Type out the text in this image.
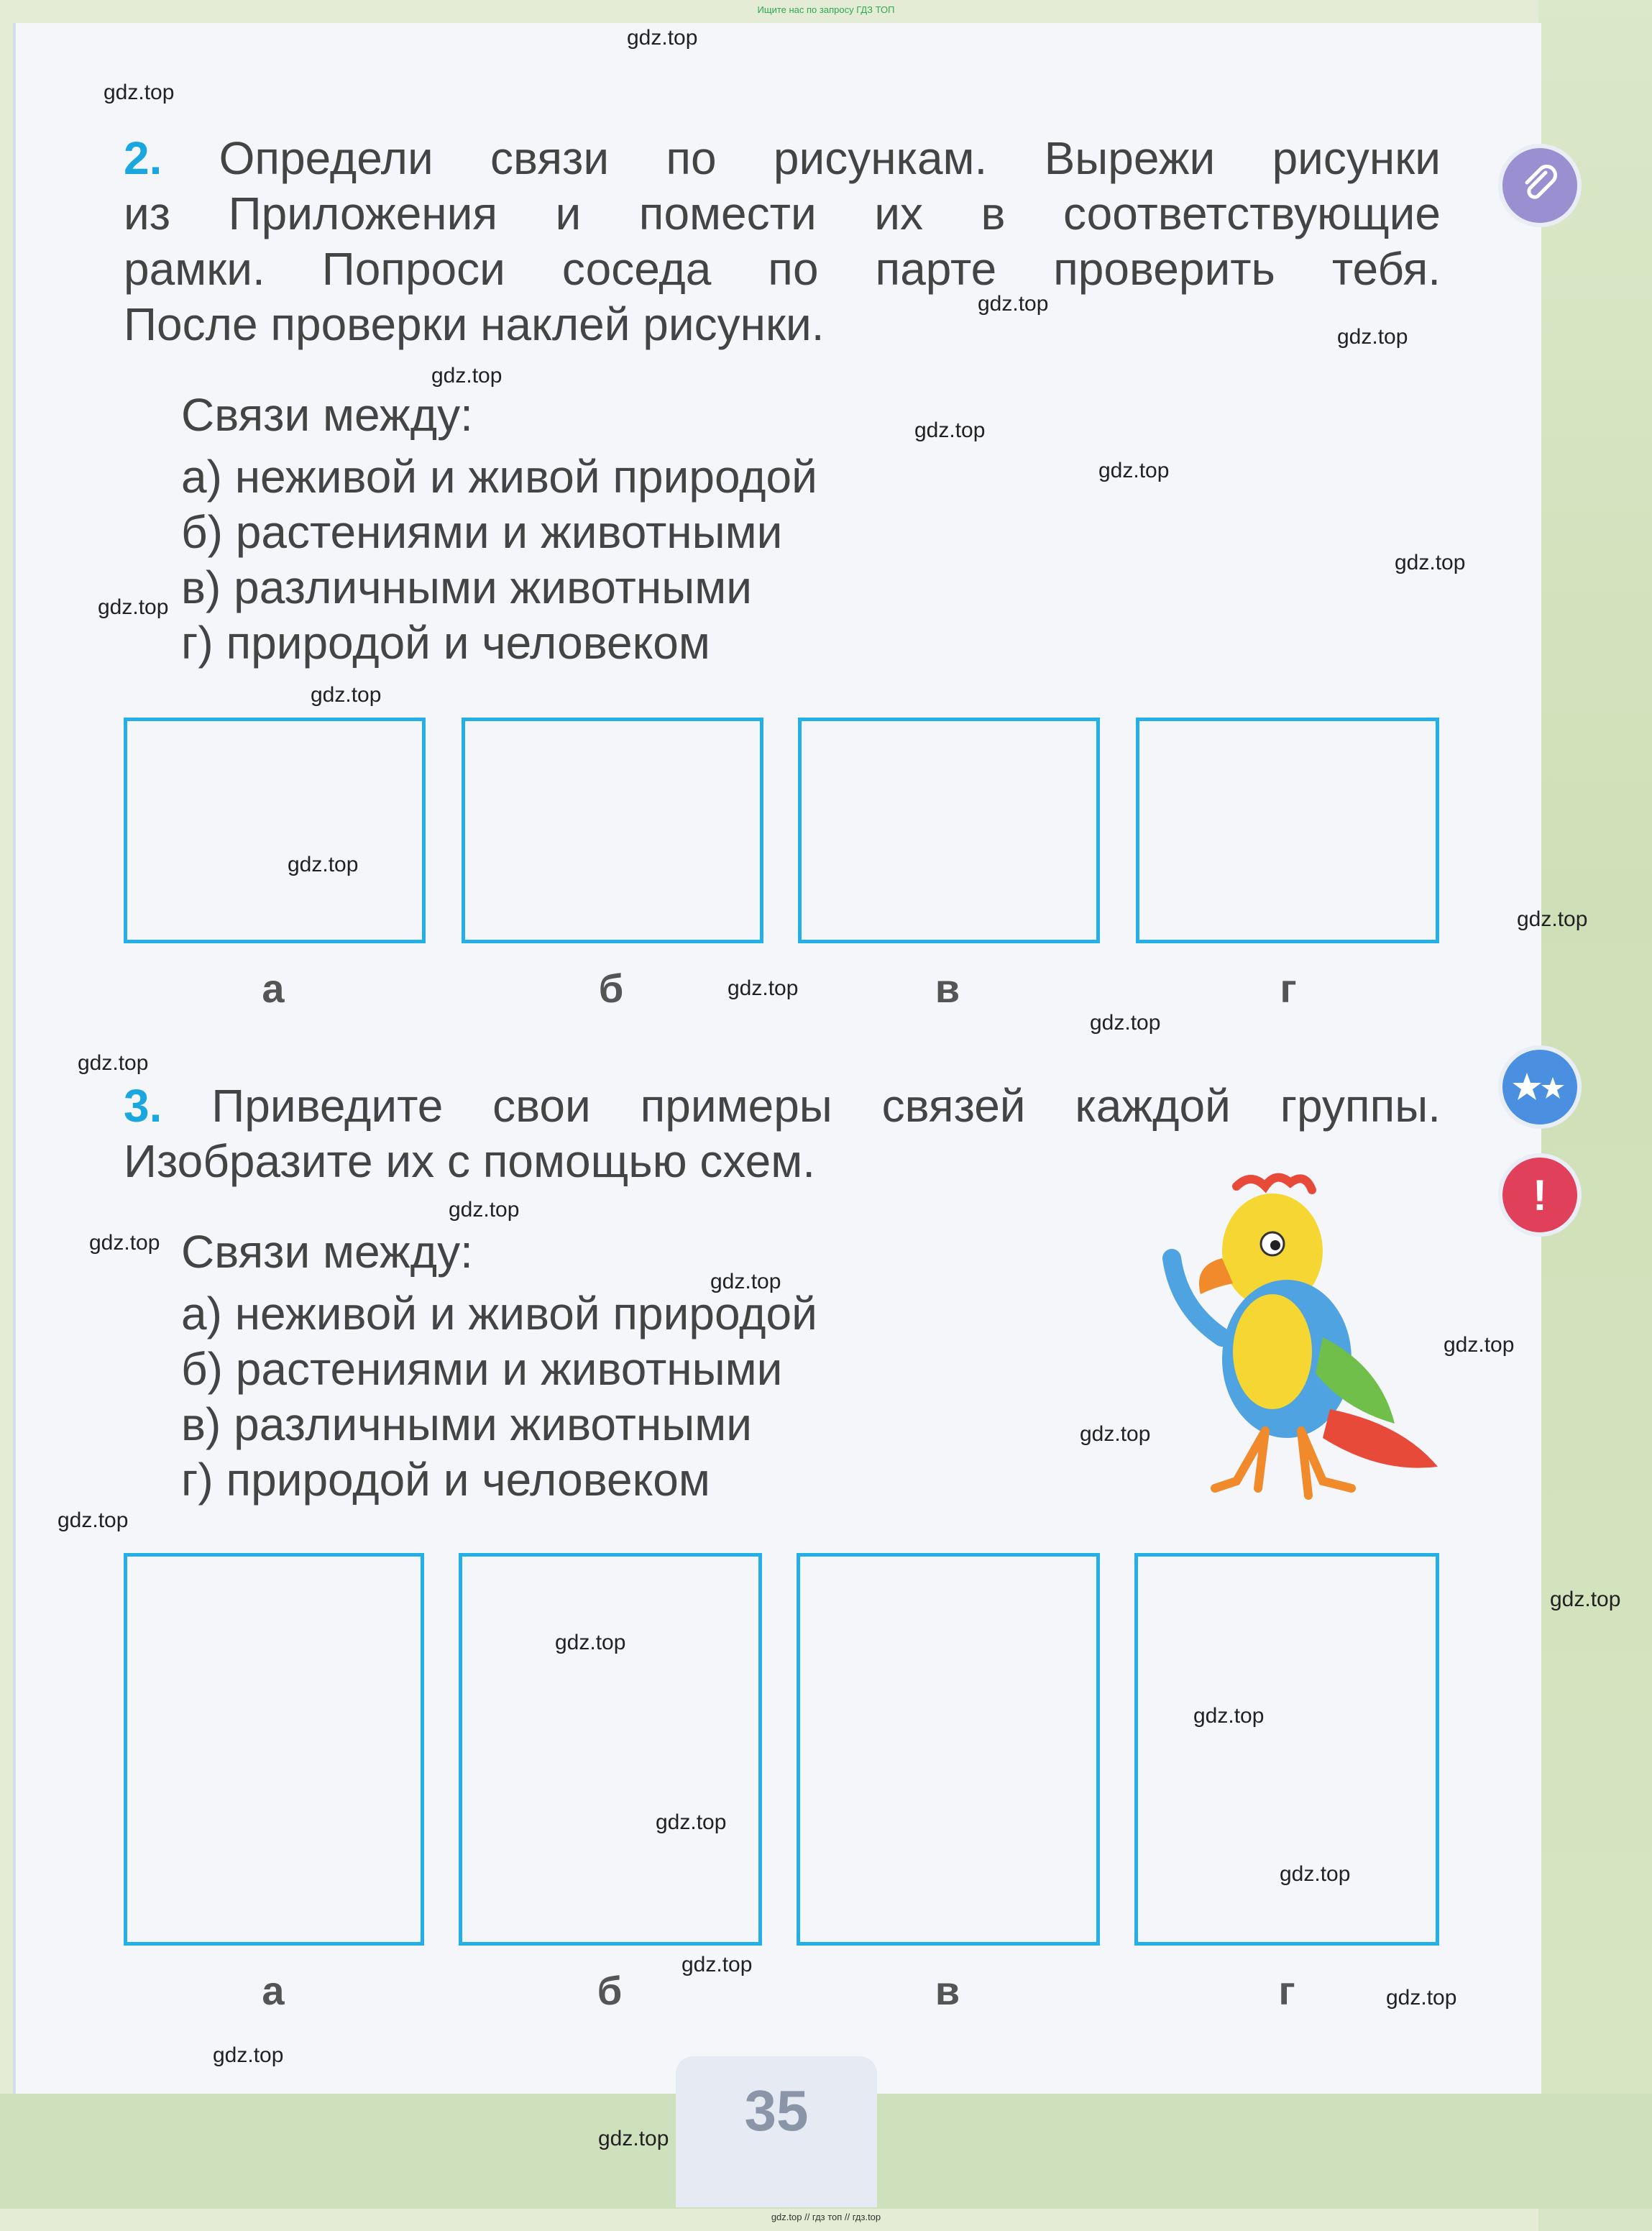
Ищите нас по запросу ГДЗ ТОП
2. Определи связи по рисункам. Вырежи рисунки
из Приложения и помести их в соответствующие
рамки. Попроси соседа по парте проверить тебя.
После проверки наклей рисунки.
Связи между:
а) неживой и живой природой
б) растениями и животными
в) различными животными
г) природой и человеком
а	б	в	г
3. Приведите свои примеры связей каждой группы.
Изобразите их с помощью схем.
Связи между:
а) неживой и живой природой
б) растениями и животными
в) различными животными
г) природой и человеком
а	б	в	г
!
35
gdz.top
gdz.top
gdz.top
gdz.top
gdz.top
gdz.top
gdz.top
gdz.top
gdz.top
gdz.top
gdz.top
gdz.top
gdz.top
gdz.top
gdz.top
gdz.top
gdz.top
gdz.top
gdz.top
gdz.top
gdz.top
gdz.top
gdz.top
gdz.top
gdz.top
gdz.top
gdz.top
gdz.top
gdz.top
gdz.top
gdz.top // гдз топ // гдз.top
